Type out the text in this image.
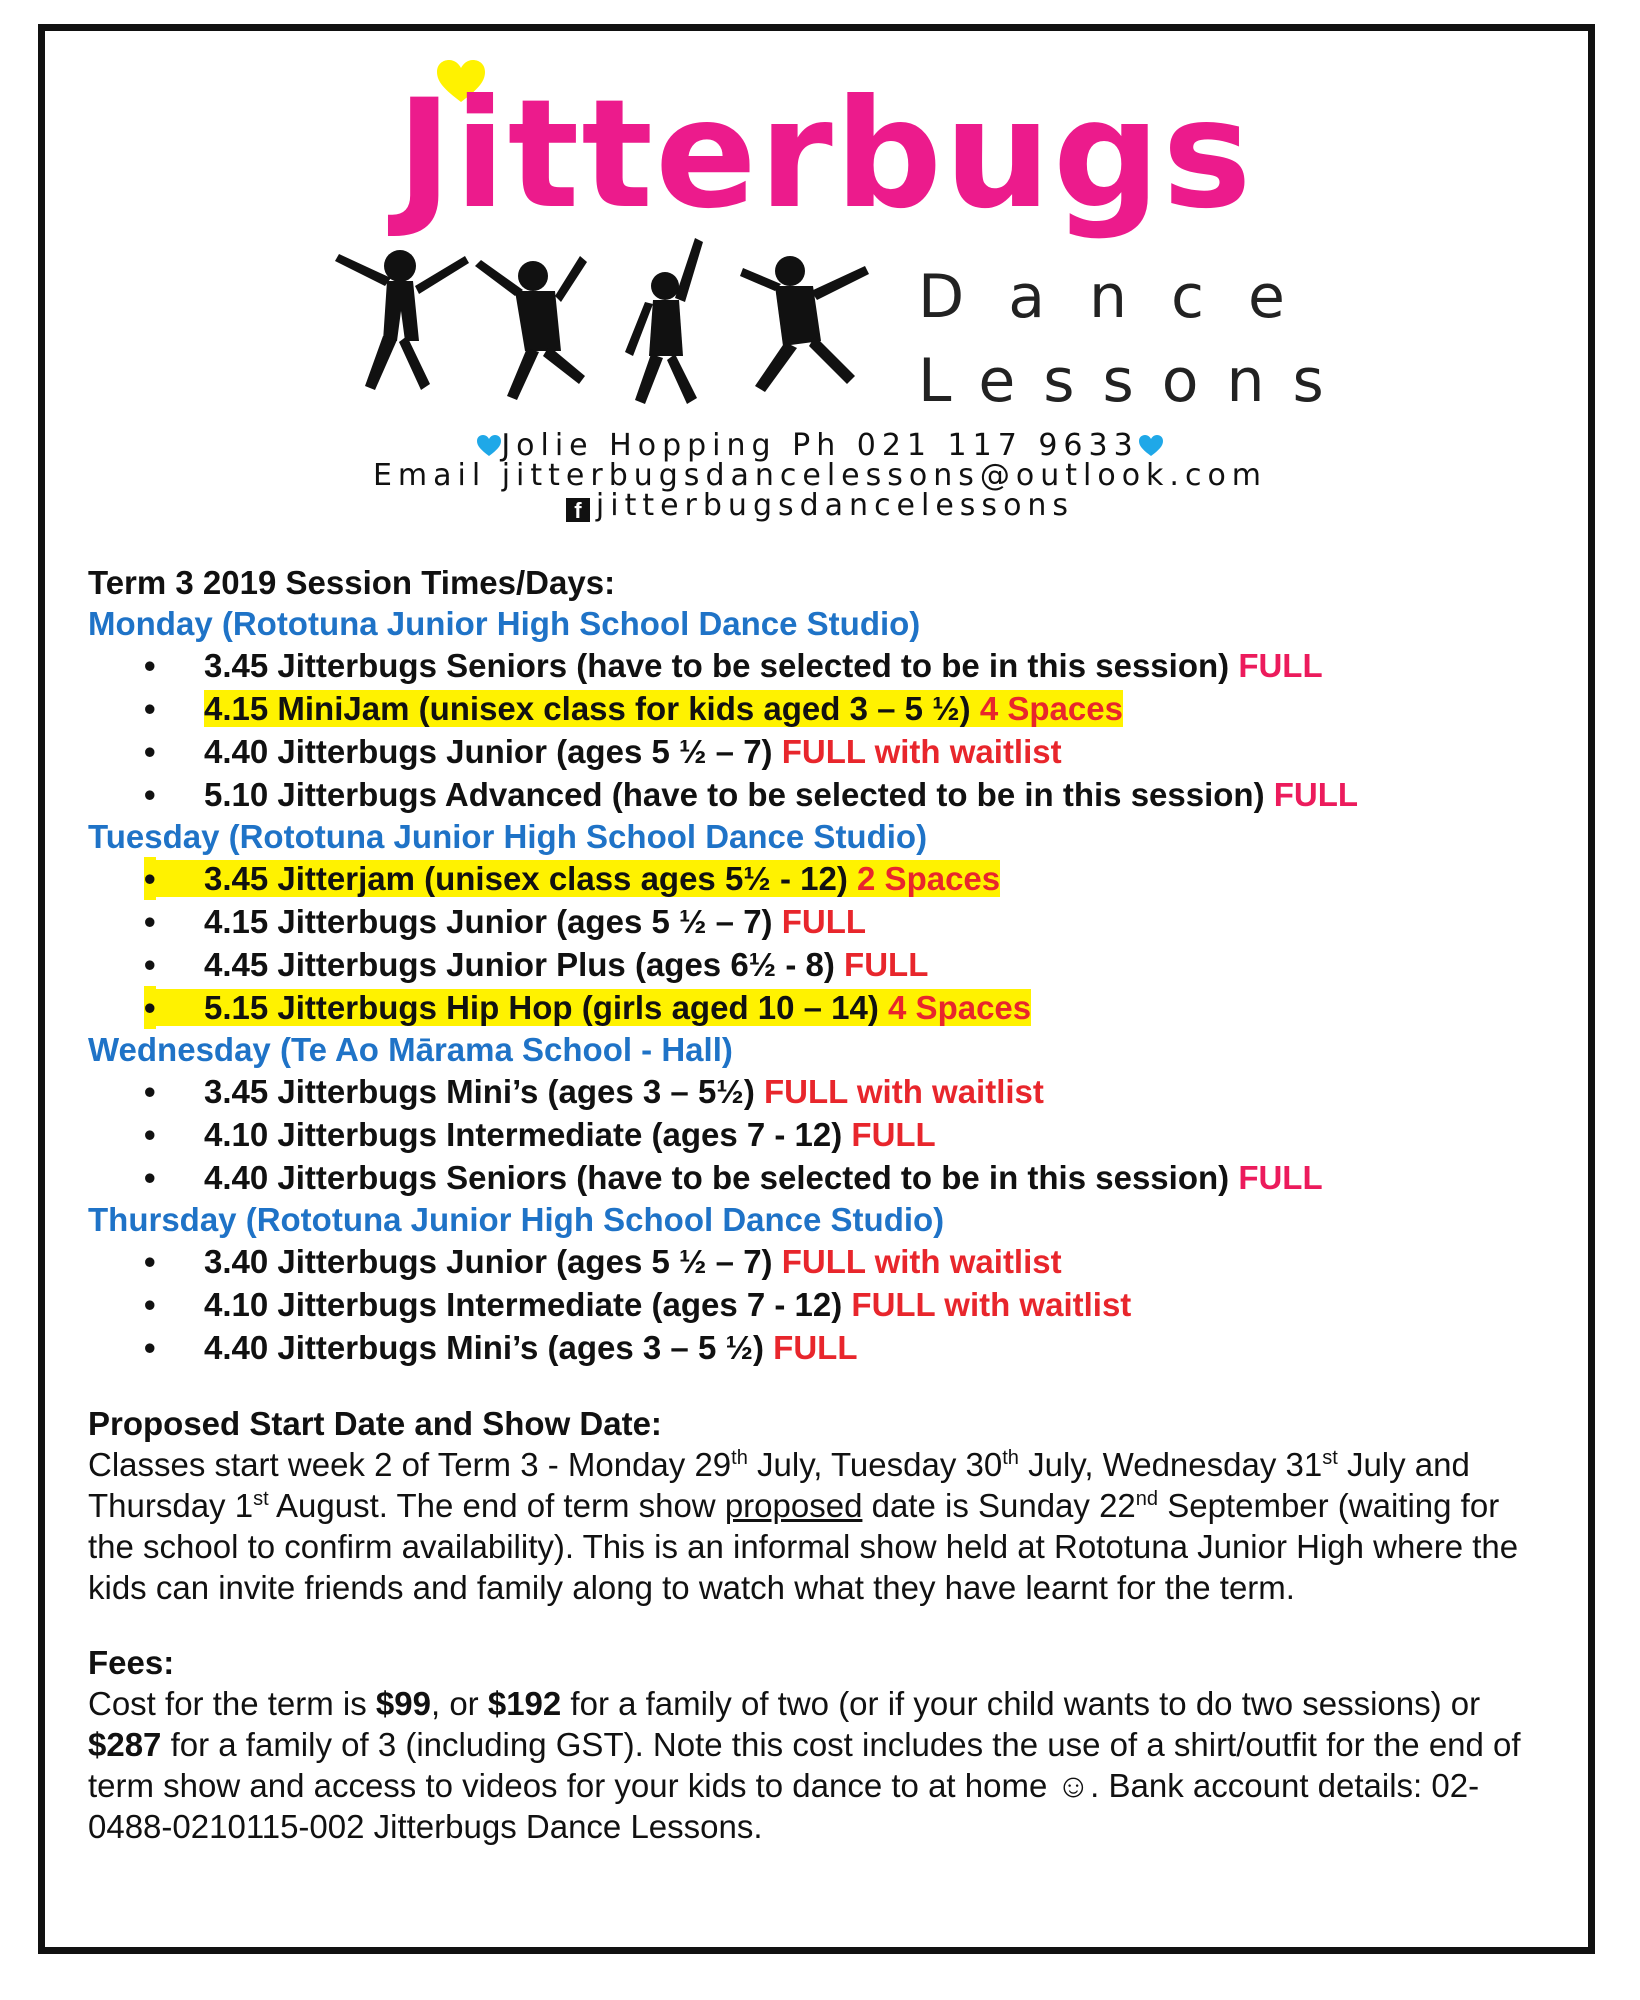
Jitterbugs
Dance
Lessons
Jolie Hopping Ph 021 117 9633
Email jitterbugsdancelessons@outlook.com
f jitterbugsdancelessons
Term 3 2019 Session Times/Days:
Monday (Rototuna Junior High School Dance Studio)
• 3.45 Jitterbugs Seniors (have to be selected to be in this session) FULL
• 4.15 MiniJam (unisex class for kids aged 3 – 5 ½) 4 Spaces
• 4.40 Jitterbugs Junior (ages 5 ½ – 7) FULL with waitlist
• 5.10 Jitterbugs Advanced (have to be selected to be in this session) FULL
Tuesday (Rototuna Junior High School Dance Studio)
• 3.45 Jitterjam (unisex class ages 5½ - 12) 2 Spaces
• 4.15 Jitterbugs Junior (ages 5 ½ – 7) FULL
• 4.45 Jitterbugs Junior Plus (ages 6½ - 8) FULL
• 5.15 Jitterbugs Hip Hop (girls aged 10 – 14) 4 Spaces
Wednesday (Te Ao Mārama School - Hall)
• 3.45 Jitterbugs Mini’s (ages 3 – 5½) FULL with waitlist
• 4.10 Jitterbugs Intermediate (ages 7 - 12) FULL
• 4.40 Jitterbugs Seniors (have to be selected to be in this session) FULL
Thursday (Rototuna Junior High School Dance Studio)
• 3.40 Jitterbugs Junior (ages 5 ½ – 7) FULL with waitlist
• 4.10 Jitterbugs Intermediate (ages 7 - 12) FULL with waitlist
• 4.40 Jitterbugs Mini’s (ages 3 – 5 ½) FULL
Proposed Start Date and Show Date:
Classes start week 2 of Term 3 - Monday 29th July, Tuesday 30th July, Wednesday 31st July and Thursday 1st August. The end of term show proposed date is Sunday 22nd September (waiting for the school to confirm availability). This is an informal show held at Rototuna Junior High where the kids can invite friends and family along to watch what they have learnt for the term.
Fees:
Cost for the term is $99, or $192 for a family of two (or if your child wants to do two sessions) or $287 for a family of 3 (including GST). Note this cost includes the use of a shirt/outfit for the end of term show and access to videos for your kids to dance to at home ☺. Bank account details: 02-0488-0210115-002 Jitterbugs Dance Lessons.
